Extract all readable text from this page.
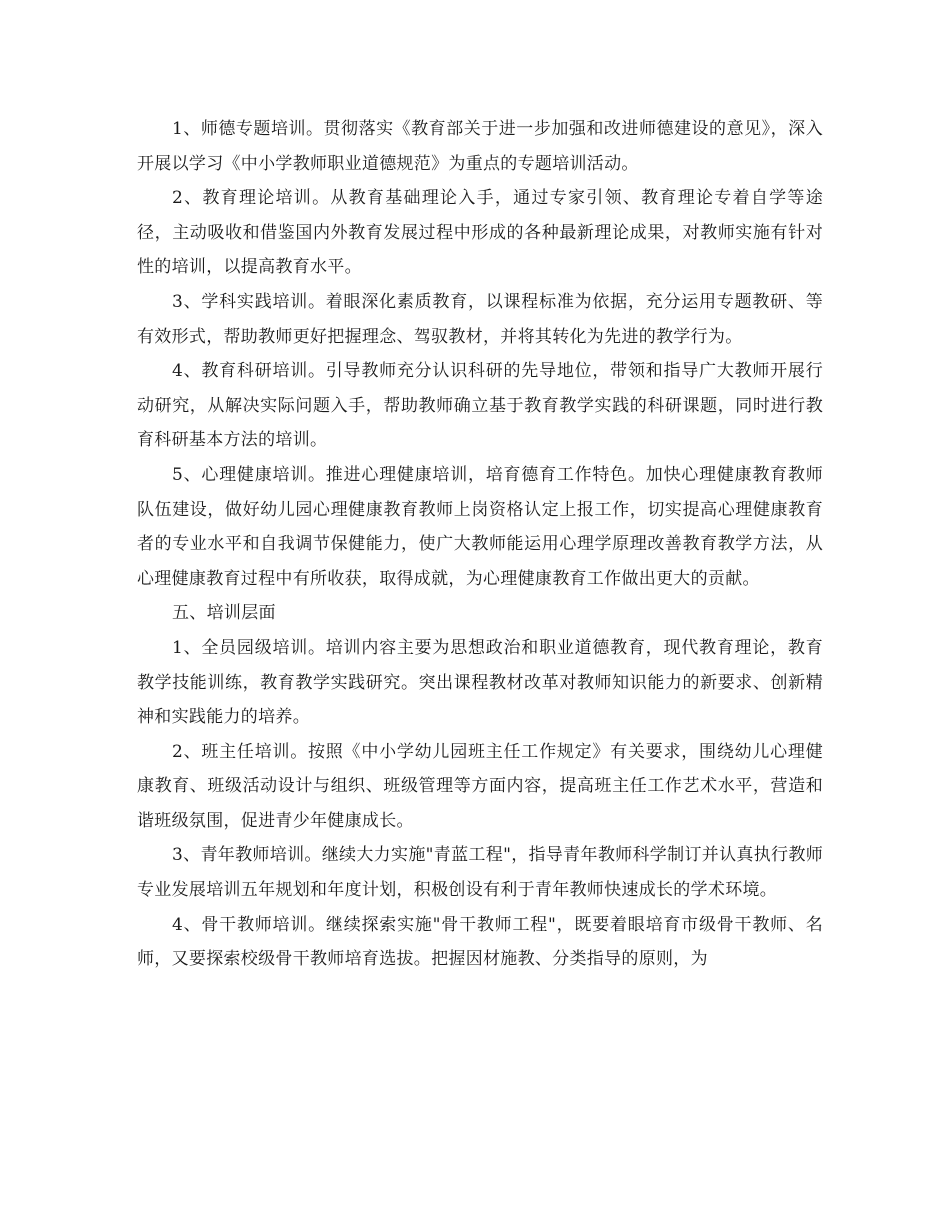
1、师德专题培训。贯彻落实《教育部关于进一步加强和改进师德建设的意见》，深入开展以学习《中小学教师职业道德规范》为重点的专题培训活动。

2、教育理论培训。从教育基础理论入手，通过专家引领、教育理论专着自学等途径，主动吸收和借鉴国内外教育发展过程中形成的各种最新理论成果，对教师实施有针对性的培训，以提高教育水平。

3、学科实践培训。着眼深化素质教育，以课程标准为依据，充分运用专题教研、等有效形式，帮助教师更好把握理念、驾驭教材，并将其转化为先进的教学行为。

4、教育科研培训。引导教师充分认识科研的先导地位，带领和指导广大教师开展行动研究，从解决实际问题入手，帮助教师确立基于教育教学实践的科研课题，同时进行教育科研基本方法的培训。

5、心理健康培训。推进心理健康培训，培育德育工作特色。加快心理健康教育教师队伍建设，做好幼儿园心理健康教育教师上岗资格认定上报工作，切实提高心理健康教育者的专业水平和自我调节保健能力，使广大教师能运用心理学原理改善教育教学方法，从心理健康教育过程中有所收获，取得成就，为心理健康教育工作做出更大的贡献。

五、培训层面

1、全员园级培训。培训内容主要为思想政治和职业道德教育，现代教育理论，教育教学技能训练，教育教学实践研究。突出课程教材改革对教师知识能力的新要求、创新精神和实践能力的培养。

2、班主任培训。按照《中小学幼儿园班主任工作规定》有关要求，围绕幼儿心理健康教育、班级活动设计与组织、班级管理等方面内容，提高班主任工作艺术水平，营造和谐班级氛围，促进青少年健康成长。

3、青年教师培训。继续大力实施"青蓝工程"，指导青年教师科学制订并认真执行教师专业发展培训五年规划和年度计划，积极创设有利于青年教师快速成长的学术环境。

4、骨干教师培训。继续探索实施"骨干教师工程"，既要着眼培育市级骨干教师、名师，又要探索校级骨干教师培育选拔。把握因材施教、分类指导的原则，为
